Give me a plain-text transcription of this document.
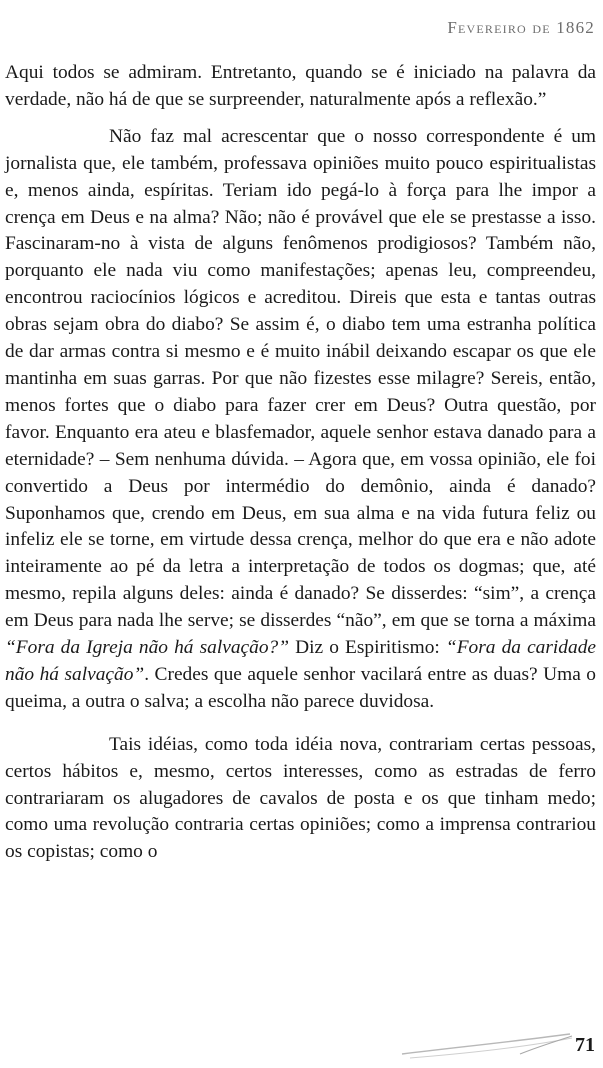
Fevereiro de 1862

Aqui todos se admiram. Entretanto, quando se é iniciado na palavra da verdade, não há de que se surpreender, naturalmente após a reflexão.”

Não faz mal acrescentar que o nosso correspondente é um jornalista que, ele também, professava opiniões muito pouco espiritualistas e, menos ainda, espíritas. Teriam ido pegá-lo à força para lhe impor a crença em Deus e na alma? Não; não é provável que ele se prestasse a isso. Fascinaram-no à vista de alguns fenômenos prodigiosos? Também não, porquanto ele nada viu como manifestações; apenas leu, compreendeu, encontrou raciocínios lógicos e acreditou. Direis que esta e tantas outras obras sejam obra do diabo? Se assim é, o diabo tem uma estranha política de dar armas contra si mesmo e é muito inábil deixando escapar os que ele mantinha em suas garras. Por que não fizestes esse milagre? Sereis, então, menos fortes que o diabo para fazer crer em Deus? Outra questão, por favor. Enquanto era ateu e blasfemador, aquele senhor estava danado para a eternidade? – Sem nenhuma dúvida. – Agora que, em vossa opinião, ele foi convertido a Deus por intermédio do demônio, ainda é danado? Suponhamos que, crendo em Deus, em sua alma e na vida futura feliz ou infeliz ele se torne, em virtude dessa crença, melhor do que era e não adote inteiramente ao pé da letra a interpretação de todos os dogmas; que, até mesmo, repila alguns deles: ainda é danado? Se disserdes: “sim”, a crença em Deus para nada lhe serve; se disserdes “não”, em que se torna a máxima “Fora da Igreja não há salvação?” Diz o Espiritismo: “Fora da caridade não há salvação”. Credes que aquele senhor vacilará entre as duas? Uma o queima, a outra o salva; a escolha não parece duvidosa.

Tais idéias, como toda idéia nova, contrariam certas pessoas, certos hábitos e, mesmo, certos interesses, como as estradas de ferro contrariaram os alugadores de cavalos de posta e os que tinham medo; como uma revolução contraria certas opiniões; como a imprensa contrariou os copistas; como o

71
